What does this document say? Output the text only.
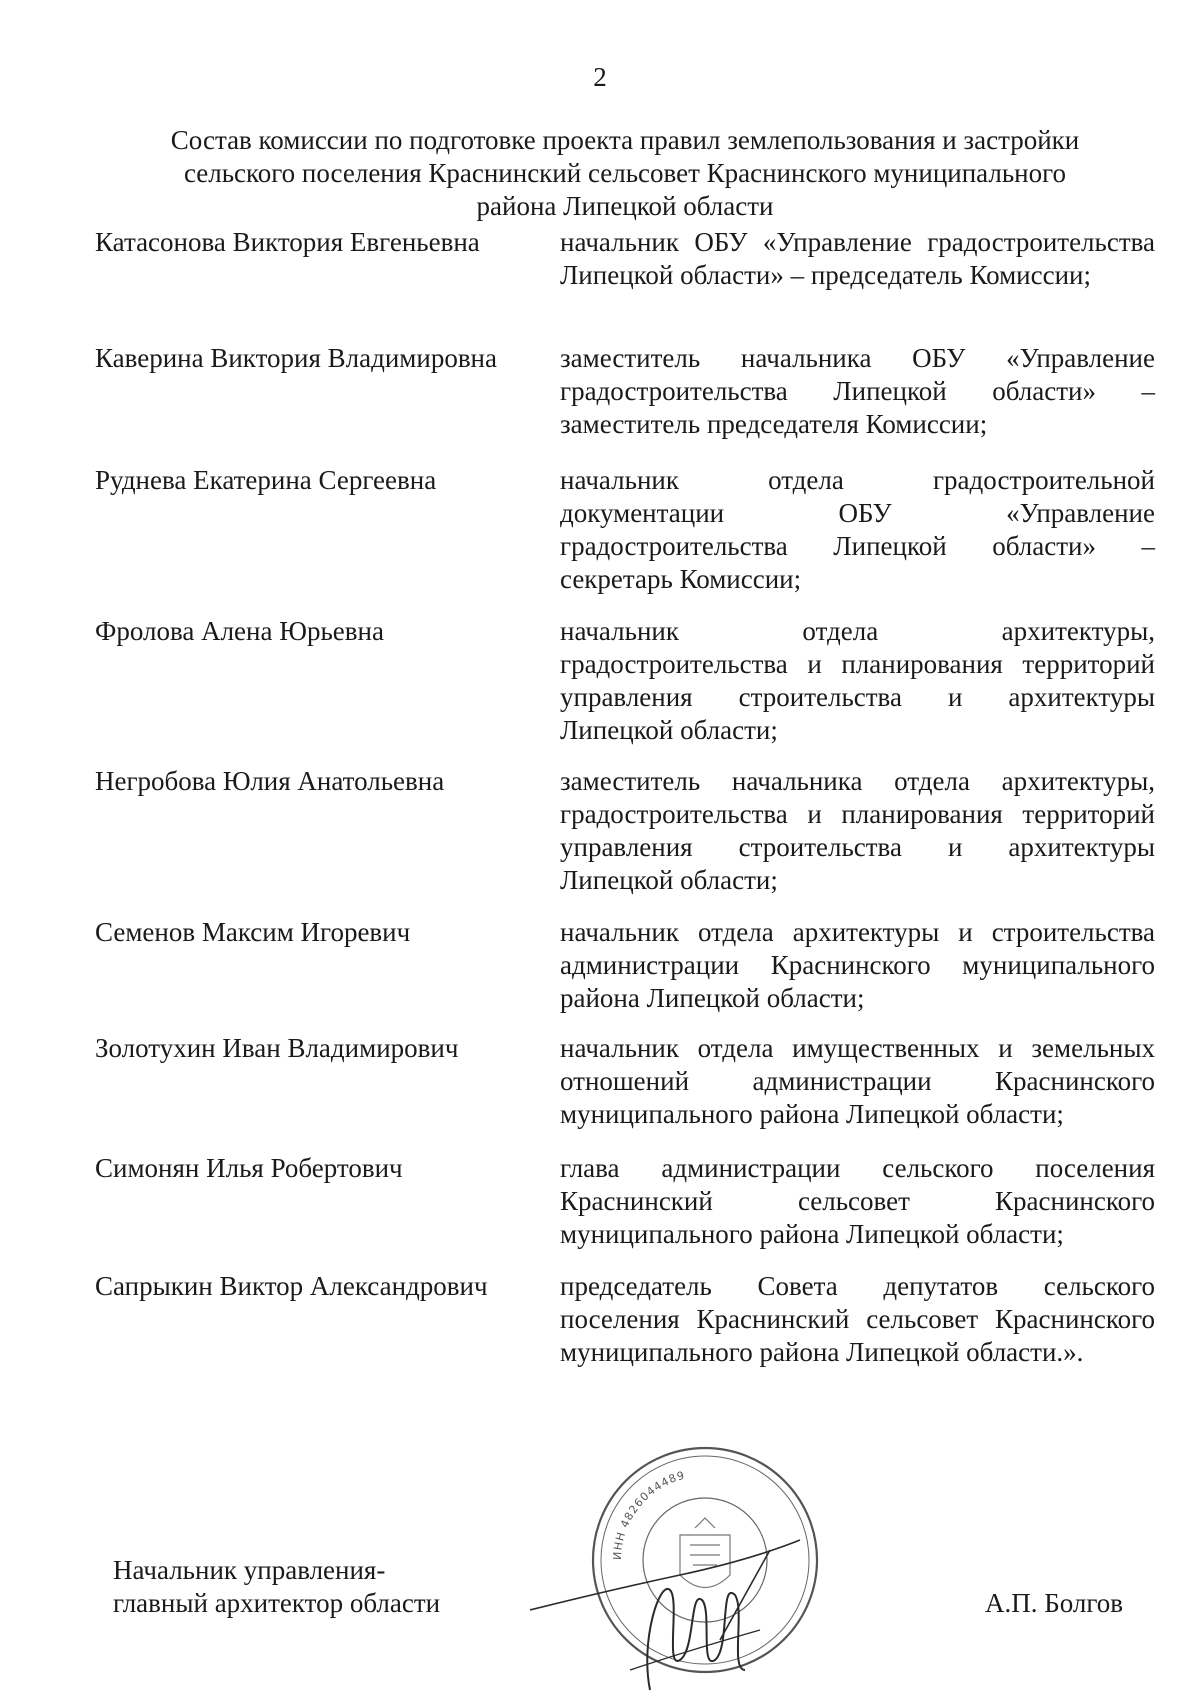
2
Состав комиссии по подготовке проекта правил землепользования и застройки
сельского поселения Краснинский сельсовет Краснинского муниципального
района Липецкой области
Катасонова Виктория Евгеньевна	начальник ОБУ «Управление градостроительства Липецкой области» – председатель Комиссии;
Каверина Виктория Владимировна	заместитель начальника ОБУ «Управление градостроительства Липецкой области» – заместитель председателя Комиссии;
Руднева Екатерина Сергеевна	начальник отдела градостроительной документации ОБУ «Управление градостроительства Липецкой области» – секретарь Комиссии;
Фролова Алена Юрьевна	начальник отдела архитектуры, градостроительства и планирования территорий управления строительства и архитектуры Липецкой области;
Негробова Юлия Анатольевна	заместитель начальника отдела архитектуры, градостроительства и планирования территорий управления строительства и архитектуры Липецкой области;
Семенов Максим Игоревич	начальник отдела архитектуры и строительства администрации Краснинского муниципального района Липецкой области;
Золотухин Иван Владимирович	начальник отдела имущественных и земельных отношений администрации Краснинского муниципального района Липецкой области;
Симонян Илья Робертович	глава администрации сельского поселения Краснинский сельсовет Краснинского муниципального района Липецкой области;
Сапрыкин Виктор Александрович	председатель Совета депутатов сельского поселения Краснинский сельсовет Краснинского муниципального района Липецкой области.».
Начальник управления-
главный архитектор области
ИНН 4826044489
А.П. Болгов
